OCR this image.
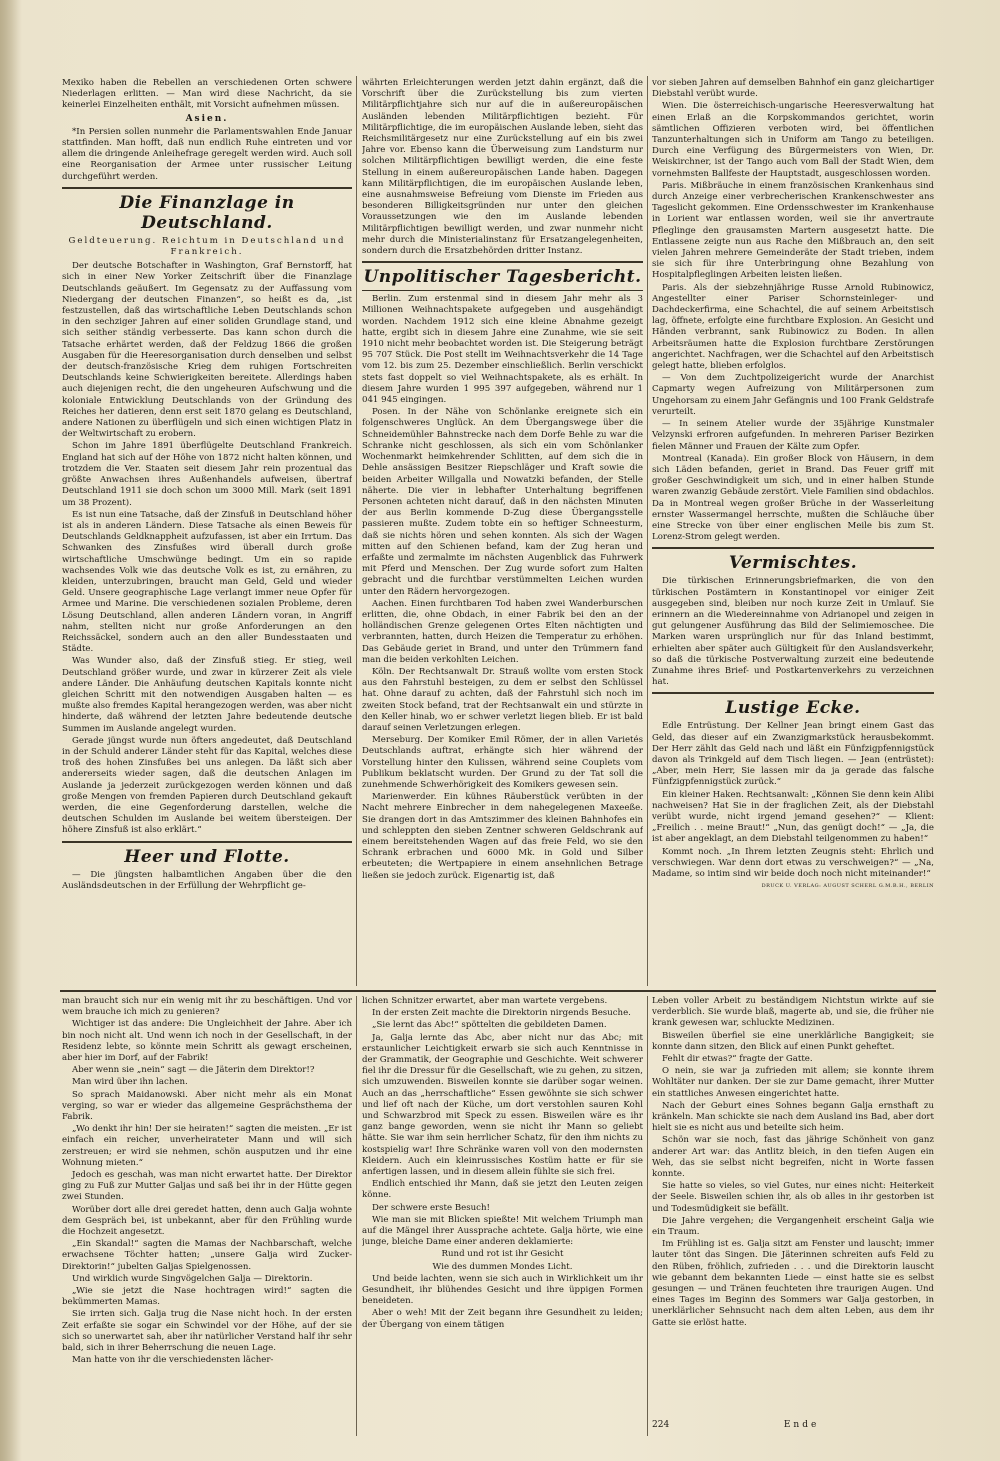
Mexiko haben die Rebellen an verschiedenen Orten schwere Niederlagen erlitten. — Man wird diese Nachricht, da sie keinerlei Einzelheiten enthält, mit Vorsicht aufnehmen müssen.

Asien.

*In Persien sollen nunmehr die Parlamentswahlen Ende Januar stattfinden. Man hofft, daß nun endlich Ruhe eintreten und vor allem die dringende Anleihefrage geregelt werden wird. Auch soll eine Reorganisation der Armee unter russischer Leitung durchgeführt werden.

Die Finanzlage in Deutschland.
Geldteuerung. Reichtum in Deutschland und Frankreich.

Der deutsche Botschafter in Washington, Graf Bernstorff, hat sich in einer New Yorker Zeitschrift über die Finanzlage Deutschlands geäußert. Im Gegensatz zu der Auffassung vom Niedergang der deutschen Finanzen“, so heißt es da, „ist festzustellen, daß das wirtschaftliche Leben Deutschlands schon in den sechziger Jahren auf einer soliden Grundlage stand, und sich seither ständig verbesserte. Das kann schon durch die Tatsache erhärtet werden, daß der Feldzug 1866 die großen Ausgaben für die Heeresorganisation durch denselben und selbst der deutsch-französische Krieg dem ruhigen Fortschreiten Deutschlands keine Schwierigkeiten bereitete. Allerdings haben auch diejenigen recht, die den ungeheuren Aufschwung und die koloniale Entwicklung Deutschlands von der Gründung des Reiches her datieren, denn erst seit 1870 gelang es Deutschland, andere Nationen zu überflügeln und sich einen wichtigen Platz in der Weltwirtschaft zu erobern.

Schon im Jahre 1891 überflügelte Deutschland Frankreich. England hat sich auf der Höhe von 1872 nicht halten können, und trotzdem die Ver. Staaten seit diesem Jahr rein prozentual das größte Anwachsen ihres Außenhandels aufweisen, übertraf Deutschland 1911 sie doch schon um 3000 Mill. Mark (seit 1891 um 38 Prozent).

Es ist nun eine Tatsache, daß der Zinsfuß in Deutschland höher ist als in anderen Ländern. Diese Tatsache als einen Beweis für Deutschlands Geldknappheit aufzufassen, ist aber ein Irrtum. Das Schwanken des Zinsfußes wird überall durch große wirtschaftliche Umschwünge bedingt. Um ein so rapide wachsendes Volk wie das deutsche Volk es ist, zu ernähren, zu kleiden, unterzubringen, braucht man Geld, Geld und wieder Geld. Unsere geographische Lage verlangt immer neue Opfer für Armee und Marine. Die verschiedenen sozialen Probleme, deren Lösung Deutschland, allen anderen Ländern voran, in Angriff nahm, stellten nicht nur große Anforderungen an den Reichssäckel, sondern auch an den aller Bundesstaaten und Städte.

Was Wunder also, daß der Zinsfuß stieg. Er stieg, weil Deutschland größer wurde, und zwar in kürzerer Zeit als viele andere Länder. Die Anhäufung deutschen Kapitals konnte nicht gleichen Schritt mit den notwendigen Ausgaben halten — es mußte also fremdes Kapital herangezogen werden, was aber nicht hinderte, daß während der letzten Jahre bedeutende deutsche Summen im Auslande angelegt wurden.

Gerade jüngst wurde nun öfters angedeutet, daß Deutschland in der Schuld anderer Länder steht für das Kapital, welches diese troß des hohen Zinsfußes bei uns anlegen. Da läßt sich aber andererseits wieder sagen, daß die deutschen Anlagen im Auslande ja jederzeit zurückgezogen werden können und daß große Mengen von fremden Papieren durch Deutschland gekauft werden, die eine Gegenforderung darstellen, welche die deutschen Schulden im Auslande bei weitem übersteigen. Der höhere Zinsfuß ist also erklärt.“

Heer und Flotte.

— Die jüngsten halbamtlichen Angaben über die den Ausländsdeutschen in der Erfüllung der Wehrpflicht ge-

währten Erleichterungen werden jetzt dahin ergänzt, daß die Vorschrift über die Zurückstellung bis zum vierten Militärpflichtjahre sich nur auf die in außereuropäischen Ausländen lebenden Militärpflichtigen bezieht. Für Militärpflichtige, die im europäischen Auslande leben, sieht das Reichsmilitärgesetz nur eine Zurückstellung auf ein bis zwei Jahre vor. Ebenso kann die Überweisung zum Landsturm nur solchen Militärpflichtigen bewilligt werden, die eine feste Stellung in einem außereuropäischen Lande haben. Dagegen kann Militärpflichtigen, die im europäischen Auslande leben, eine ausnahmsweise Befreiung vom Dienste im Frieden aus besonderen Billigkeitsgründen nur unter den gleichen Voraussetzungen wie den im Auslande lebenden Militärpflichtigen bewilligt werden, und zwar nunmehr nicht mehr durch die Ministerialinstanz für Ersatzangelegenheiten, sondern durch die Ersatzbehörden dritter Instanz.

Unpolitischer Tagesbericht.

Berlin. Zum erstenmal sind in diesem Jahr mehr als 3 Millionen Weihnachtspakete aufgegeben und ausgehändigt worden. Nachdem 1912 sich eine kleine Abnahme gezeigt hatte, ergibt sich in diesem Jahre eine Zunahme, wie sie seit 1910 nicht mehr beobachtet worden ist. Die Steigerung beträgt 95 707 Stück. Die Post stellt im Weihnachtsverkehr die 14 Tage vom 12. bis zum 25. Dezember einschließlich. Berlin verschickt stets fast doppelt so viel Weihnachtspakete, als es erhält. In diesem Jahre wurden 1 995 397 aufgegeben, während nur 1 041 945 eingingen.

Posen. In der Nähe von Schönlanke ereignete sich ein folgenschweres Unglück. An dem Übergangswege über die Schneidemühler Bahnstrecke nach dem Dorfe Behle zu war die Schranke nicht geschlossen, als sich ein vom Schönlanker Wochenmarkt heimkehrender Schlitten, auf dem sich die in Dehle ansässigen Besitzer Riepschläger und Kraft sowie die beiden Arbeiter Willgalla und Nowatzki befanden, der Stelle näherte. Die vier in lebhafter Unterhaltung begriffenen Personen achteten nicht darauf, daß in den nächsten Minuten der aus Berlin kommende D-Zug diese Übergangsstelle passieren mußte. Zudem tobte ein so heftiger Schneesturm, daß sie nichts hören und sehen konnten. Als sich der Wagen mitten auf den Schienen befand, kam der Zug heran und erfaßte und zermalmte im nächsten Augenblick das Fuhrwerk mit Pferd und Menschen. Der Zug wurde sofort zum Halten gebracht und die furchtbar verstümmelten Leichen wurden unter den Rädern hervorgezogen.

Aachen. Einen furchtbaren Tod haben zwei Wanderburschen erlitten, die, ohne Obdach, in einer Fabrik bei den an der holländischen Grenze gelegenen Ortes Elten nächtigten und verbrannten, hatten, durch Heizen die Temperatur zu erhöhen. Das Gebäude geriet in Brand, und unter den Trümmern fand man die beiden verkohlten Leichen.

Köln. Der Rechtsanwalt Dr. Strauß wollte vom ersten Stock aus den Fahrstuhl besteigen, zu dem er selbst den Schlüssel hat. Ohne darauf zu achten, daß der Fahrstuhl sich noch im zweiten Stock befand, trat der Rechtsanwalt ein und stürzte in den Keller hinab, wo er schwer verletzt liegen blieb. Er ist bald darauf seinen Verletzungen erlegen.

Merseburg. Der Komiker Emil Römer, der in allen Varietés Deutschlands auftrat, erhängte sich hier während der Vorstellung hinter den Kulissen, während seine Couplets vom Publikum beklatscht wurden. Der Grund zu der Tat soll die zunehmende Schwerhörigkeit des Komikers gewesen sein.

Marienwerder. Ein kühnes Räuberstück verübten in der Nacht mehrere Einbrecher in dem nahegelegenen Maxeeße. Sie drangen dort in das Amtszimmer des kleinen Bahnhofes ein und schleppten den sieben Zentner schweren Geldschrank auf einem bereitstehenden Wagen auf das freie Feld, wo sie den Schrank erbrachen und 6000 Mk. in Gold und Silber erbeuteten; die Wertpapiere in einem ansehnlichen Betrage ließen sie jedoch zurück. Eigenartig ist, daß

vor sieben Jahren auf demselben Bahnhof ein ganz gleichartiger Diebstahl verübt wurde.

Wien. Die österreichisch-ungarische Heeresverwaltung hat einen Erlaß an die Korpskommandos gerichtet, worin sämtlichen Offizieren verboten wird, bei öffentlichen Tanzunterhaltungen sich in Uniform am Tango zu beteiligen. Durch eine Verfügung des Bürgermeisters von Wien, Dr. Weiskirchner, ist der Tango auch vom Ball der Stadt Wien, dem vornehmsten Ballfeste der Hauptstadt, ausgeschlossen worden.

Paris. Mißbräuche in einem französischen Krankenhaus sind durch Anzeige einer verbrecherischen Krankenschwester ans Tageslicht gekommen. Eine Ordensschwester im Krankenhause in Lorient war entlassen worden, weil sie ihr anvertraute Pfleglinge den grausamsten Martern ausgesetzt hatte. Die Entlassene zeigte nun aus Rache den Mißbrauch an, den seit vielen Jahren mehrere Gemeinderäte der Stadt trieben, indem sie sich für ihre Unterbringung ohne Bezahlung von Hospitalpfleglingen Arbeiten leisten ließen.

Paris. Als der siebzehnjährige Russe Arnold Rubinowicz, Angestellter einer Pariser Schornsteinleger- und Dachdeckerfirma, eine Schachtel, die auf seinem Arbeitstisch lag, öffnete, erfolgte eine furchtbare Explosion. An Gesicht und Händen verbrannt, sank Rubinowicz zu Boden. In allen Arbeitsräumen hatte die Explosion furchtbare Zerstörungen angerichtet. Nachfragen, wer die Schachtel auf den Arbeitstisch gelegt hatte, blieben erfolglos.

— Von dem Zuchtpolizeigericht wurde der Anarchist Capmarty wegen Aufreizung von Militärpersonen zum Ungehorsam zu einem Jahr Gefängnis und 100 Frank Geldstrafe verurteilt.

— In seinem Atelier wurde der 35jährige Kunstmaler Velzynski erfroren aufgefunden. In mehreren Pariser Bezirken fielen Männer und Frauen der Kälte zum Opfer.

Montreal (Kanada). Ein großer Block von Häusern, in dem sich Läden befanden, geriet in Brand. Das Feuer griff mit großer Geschwindigkeit um sich, und in einer halben Stunde waren zwanzig Gebäude zerstört. Viele Familien sind obdachlos. Da in Montreal wegen großer Brüche in der Wasserleitung ernster Wassermangel herrschte, mußten die Schläuche über eine Strecke von über einer englischen Meile bis zum St. Lorenz-Strom gelegt werden.

Vermischtes.

Die türkischen Erinnerungsbriefmarken, die von den türkischen Postämtern in Konstantinopel vor einiger Zeit ausgegeben sind, bleiben nur noch kurze Zeit in Umlauf. Sie erinnern an die Wiedereinnahme von Adrianopel und zeigen in gut gelungener Ausführung das Bild der Selimiemoschee. Die Marken waren ursprünglich nur für das Inland bestimmt, erhielten aber später auch Gültigkeit für den Auslandsverkehr, so daß die türkische Postverwaltung zurzeit eine bedeutende Zunahme ihres Brief- und Postkartenverkehrs zu verzeichnen hat.

Lustige Ecke.

Edle Entrüstung. Der Kellner Jean bringt einem Gast das Geld, das dieser auf ein Zwanzigmarkstück herausbekommt. Der Herr zählt das Geld nach und läßt ein Fünfzigpfennigstück davon als Trinkgeld auf dem Tisch liegen. — Jean (entrüstet): „Aber, mein Herr, Sie lassen mir da ja gerade das falsche Fünfzigpfennigstück zurück.“

Ein kleiner Haken. Rechtsanwalt: „Können Sie denn kein Alibi nachweisen? Hat Sie in der fraglichen Zeit, als der Diebstahl verübt wurde, nicht irgend jemand gesehen?“ — Klient: „Freilich . . meine Braut!“ „Nun, das genügt doch!“ — „Ja, die ist aber angeklagt, an dem Diebstahl teilgenommen zu haben!“

Kommt noch. „In Ihrem letzten Zeugnis steht: Ehrlich und verschwiegen. War denn dort etwas zu verschweigen?“ — „Na, Madame, so intim sind wir beide doch noch nicht miteinander!“

DRUCK U. VERLAG: AUGUST SCHERL G.M.B.H., BERLIN

man braucht sich nur ein wenig mit ihr zu beschäftigen. Und vor wem brauche ich mich zu genieren?

Wichtiger ist das andere: Die Ungleichheit der Jahre. Aber ich bin noch nicht alt. Und wenn ich noch in der Gesellschaft, in der Residenz lebte, so könnte mein Schritt als gewagt erscheinen, aber hier im Dorf, auf der Fabrik!

Aber wenn sie „nein“ sagt — die Jäterin dem Direktor!?

Man wird über ihn lachen.

So sprach Maidanowski. Aber nicht mehr als ein Monat verging, so war er wieder das allgemeine Gesprächsthema der Fabrik.

„Wo denkt ihr hin! Der sie heiraten!“ sagten die meisten. „Er ist einfach ein reicher, unverheirateter Mann und will sich zerstreuen; er wird sie nehmen, schön ausputzen und ihr eine Wohnung mieten.“

Jedoch es geschah, was man nicht erwartet hatte. Der Direktor ging zu Fuß zur Mutter Galjas und saß bei ihr in der Hütte gegen zwei Stunden.

Worüber dort alle drei geredet hatten, denn auch Galja wohnte dem Gespräch bei, ist unbekannt, aber für den Frühling wurde die Hochzeit angesetzt.

„Ein Skandal!“ sagten die Mamas der Nachbarschaft, welche erwachsene Töchter hatten; „unsere Galja wird Zucker-Direktorin!“ jubelten Galjas Spielgenossen.

Und wirklich wurde Singvögelchen Galja — Direktorin.

„Wie sie jetzt die Nase hochtragen wird!“ sagten die bekümmerten Mamas.

Sie irrten sich. Galja trug die Nase nicht hoch. In der ersten Zeit erfaßte sie sogar ein Schwindel vor der Höhe, auf der sie sich so unerwartet sah, aber ihr natürlicher Verstand half ihr sehr bald, sich in ihrer Beherrschung die neuen Lage.

Man hatte von ihr die verschiedensten lächer-

lichen Schnitzer erwartet, aber man wartete vergebens.

In der ersten Zeit machte die Direktorin nirgends Besuche.

„Sie lernt das Abc!“ spöttelten die gebildeten Damen.

Ja, Galja lernte das Abc, aber nicht nur das Abc; mit erstaunlicher Leichtigkeit erwarb sie sich auch Kenntnisse in der Grammatik, der Geographie und Geschichte. Weit schwerer fiel ihr die Dressur für die Gesellschaft, wie zu gehen, zu sitzen, sich umzuwenden. Bisweilen konnte sie darüber sogar weinen. Auch an das „herrschaftliche“ Essen gewöhnte sie sich schwer und lief oft nach der Küche, um dort verstohlen sauren Kohl und Schwarzbrod mit Speck zu essen. Bisweilen wäre es ihr ganz bange geworden, wenn sie nicht ihr Mann so geliebt hätte. Sie war ihm sein herrlicher Schatz, für den ihm nichts zu kostspielig war! Ihre Schränke waren voll von den modernsten Kleidern. Auch ein kleinrussisches Kostüm hatte er für sie anfertigen lassen, und in diesem allein fühlte sie sich frei.

Endlich entschied ihr Mann, daß sie jetzt den Leuten zeigen könne.

Der schwere erste Besuch!

Wie man sie mit Blicken spießte! Mit welchem Triumph man auf die Mängel ihrer Aussprache achtete. Galja hörte, wie eine junge, bleiche Dame einer anderen deklamierte:

Rund und rot ist ihr Gesicht

Wie des dummen Mondes Licht.

Und beide lachten, wenn sie sich auch in Wirklichkeit um ihr Gesundheit, ihr blühendes Gesicht und ihre üppigen Formen beneideten.

Aber o weh! Mit der Zeit begann ihre Gesundheit zu leiden; der Übergang von einem tätigen

Leben voller Arbeit zu beständigem Nichtstun wirkte auf sie verderblich. Sie wurde blaß, magerte ab, und sie, die früher nie krank gewesen war, schluckte Medizinen.

Bisweilen überfiel sie eine unerklärliche Bangigkeit; sie konnte dann sitzen, den Blick auf einen Punkt geheftet.

Fehlt dir etwas?“ fragte der Gatte.

O nein, sie war ja zufrieden mit allem; sie konnte ihrem Wohltäter nur danken. Der sie zur Dame gemacht, ihrer Mutter ein stattliches Anwesen eingerichtet hatte.

Nach der Geburt eines Sohnes begann Galja ernsthaft zu kränkeln. Man schickte sie nach dem Ausland ins Bad, aber dort hielt sie es nicht aus und beteilte sich heim.

Schön war sie noch, fast das jährige Schönheit von ganz anderer Art war: das Antlitz bleich, in den tiefen Augen ein Weh, das sie selbst nicht begreifen, nicht in Worte fassen konnte.

Sie hatte so vieles, so viel Gutes, nur eines nicht: Heiterkeit der Seele. Bisweilen schien ihr, als ob alles in ihr gestorben ist und Todesmüdigkeit sie befällt.

Die Jahre vergehen; die Vergangenheit erscheint Galja wie ein Traum.

Im Frühling ist es. Galja sitzt am Fenster und lauscht; immer lauter tönt das Singen. Die Jäterinnen schreiten aufs Feld zu den Rüben, fröhlich, zufrieden . . . und die Direktorin lauscht wie gebannt dem bekannten Liede — einst hatte sie es selbst gesungen — und Tränen feuchteten ihre traurigen Augen. Und eines Tages im Beginn des Sommers war Galja gestorben, in unerklärlicher Sehnsucht nach dem alten Leben, aus dem ihr Gatte sie erlöst hatte.

224	Ende
